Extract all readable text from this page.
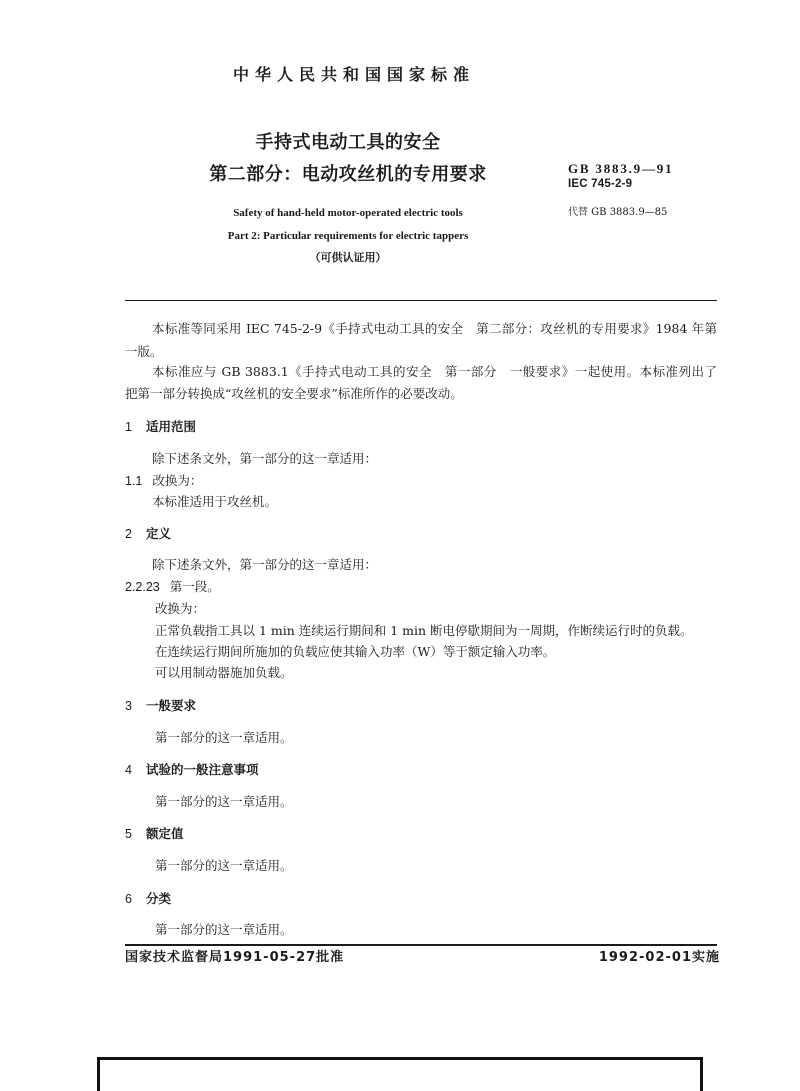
中华人民共和国国家标准
手持式电动工具的安全
第二部分：电动攻丝机的专用要求
Safety of hand-held motor-operated electric tools
Part 2: Particular requirements for electric tappers
（可供认证用）
GB 3883.9—91
IEC 745-2-9
代替 GB 3883.9—85
本标准等同采用 IEC 745-2-9《手持式电动工具的安全　第二部分：攻丝机的专用要求》1984 年第
一版。
本标准应与 GB 3883.1《手持式电动工具的安全　第一部分　一般要求》一起使用。本标准列出了
把第一部分转换成“攻丝机的安全要求”标准所作的必要改动。
1 适用范围
除下述条文外，第一部分的这一章适用：
1.1 改换为：
本标准适用于攻丝机。
2 定义
除下述条文外，第一部分的这一章适用：
2.2.23 第一段。
改换为：
正常负载指工具以 1 min 连续运行期间和 1 min 断电停歇期间为一周期，作断续运行时的负载。
在连续运行期间所施加的负载应使其输入功率（W）等于额定输入功率。
可以用制动器施加负载。
3 一般要求
第一部分的这一章适用。
4 试验的一般注意事项
第一部分的这一章适用。
5 额定值
第一部分的这一章适用。
6 分类
第一部分的这一章适用。
国家技术监督局1991-05-27批准	1992-02-01实施
